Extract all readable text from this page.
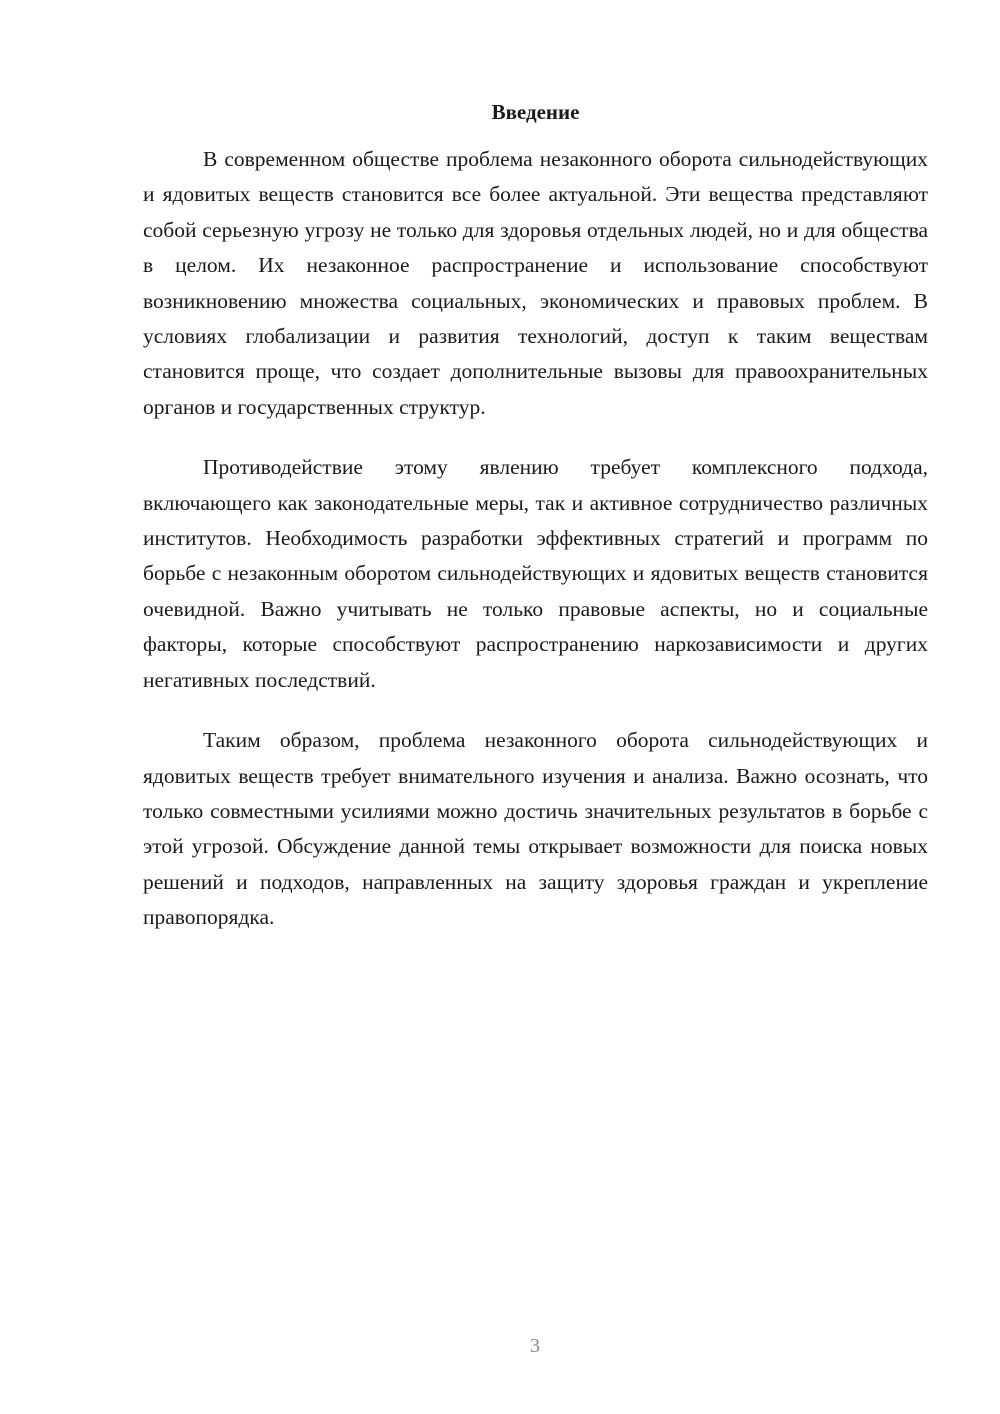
Введение

В современном обществе проблема незаконного оборота сильнодействующих и ядовитых веществ становится все более актуальной. Эти вещества представляют собой серьезную угрозу не только для здоровья отдельных людей, но и для общества в целом. Их незаконное распространение и использование способствуют возникновению множества социальных, экономических и правовых проблем. В условиях глобализации и развития технологий, доступ к таким веществам становится проще, что создает дополнительные вызовы для правоохранительных органов и государственных структур.

Противодействие этому явлению требует комплексного подхода, включающего как законодательные меры, так и активное сотрудничество различных институтов. Необходимость разработки эффективных стратегий и программ по борьбе с незаконным оборотом сильнодействующих и ядовитых веществ становится очевидной. Важно учитывать не только правовые аспекты, но и социальные факторы, которые способствуют распространению наркозависимости и других негативных последствий.

Таким образом, проблема незаконного оборота сильнодействующих и ядовитых веществ требует внимательного изучения и анализа. Важно осознать, что только совместными усилиями можно достичь значительных результатов в борьбе с этой угрозой. Обсуждение данной темы открывает возможности для поиска новых решений и подходов, направленных на защиту здоровья граждан и укрепление правопорядка.

3
